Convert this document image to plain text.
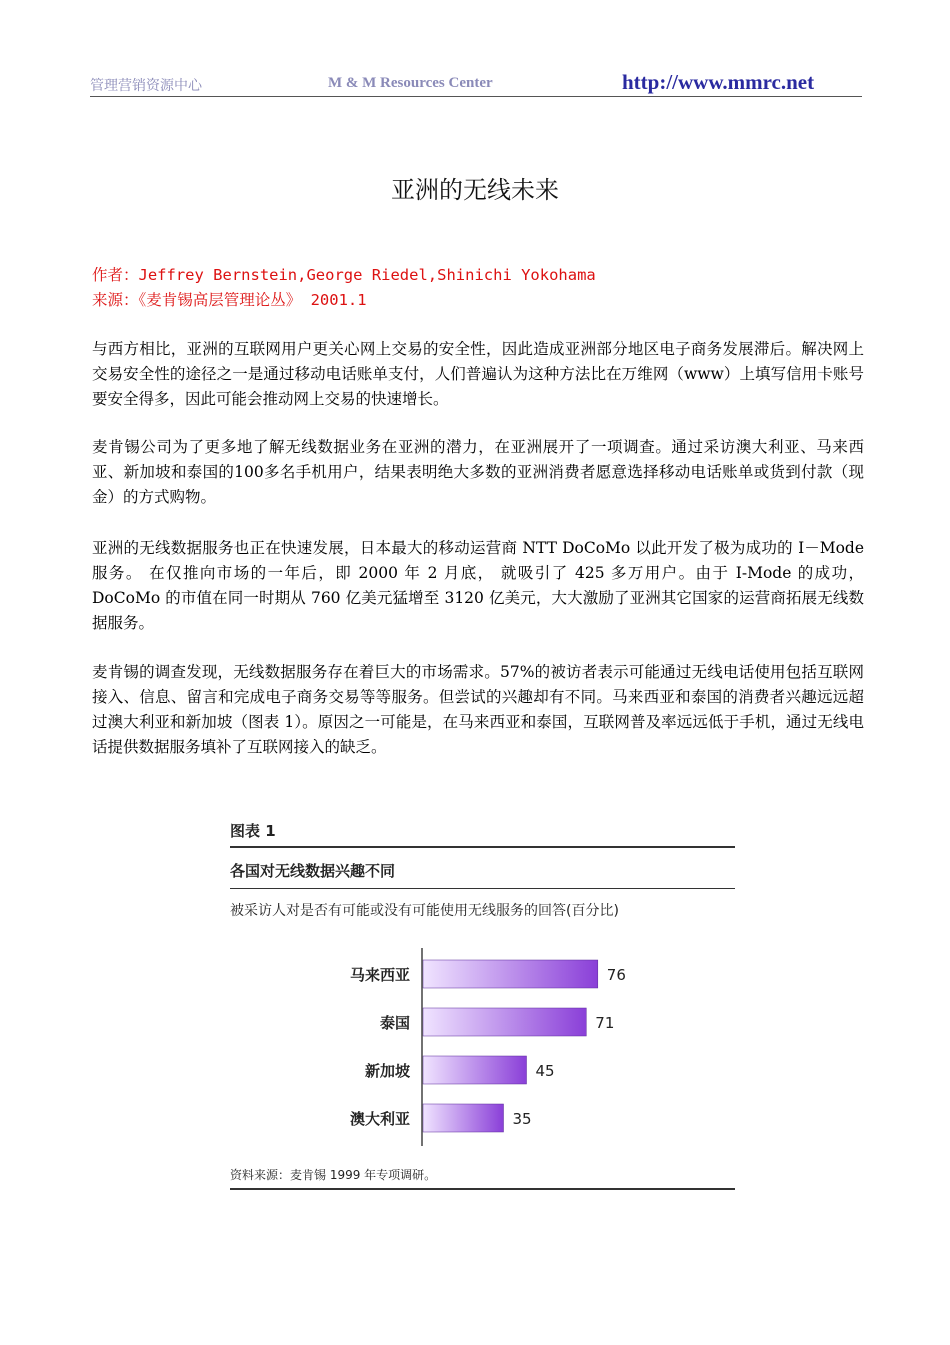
管理营销资源中心	M & M Resources Center	http://www.mmrc.net
亚洲的无线未来
作者：Jeffrey Bernstein,George Riedel,Shinichi Yokohama
来源：《麦肯锡高层管理论丛》 2001.1
与西方相比，亚洲的互联网用户更关心网上交易的安全性，因此造成亚洲部分地区电子商务发展滞后。解决网上交易安全性的途径之一是通过移动电话账单支付，人们普遍认为这种方法比在万维网（www）上填写信用卡账号要安全得多，因此可能会推动网上交易的快速增长。
麦肯锡公司为了更多地了解无线数据业务在亚洲的潜力，在亚洲展开了一项调查。通过采访澳大利亚、马来西亚、新加坡和泰国的100多名手机用户，结果表明绝大多数的亚洲消费者愿意选择移动电话账单或货到付款（现金）的方式购物。
亚洲的无线数据服务也正在快速发展，日本最大的移动运营商 NTT DoCoMo 以此开发了极为成功的 I－Mode 服务。 在仅推向市场的一年后，即 2000 年 2 月底， 就吸引了 425 多万用户。由于 I-Mode 的成功，DoCoMo 的市值在同一时期从 760 亿美元猛增至 3120 亿美元，大大激励了亚洲其它国家的运营商拓展无线数据服务。
麦肯锡的调查发现，无线数据服务存在着巨大的市场需求。57%的被访者表示可能通过无线电话使用包括互联网接入、信息、留言和完成电子商务交易等等服务。但尝试的兴趣却有不同。马来西亚和泰国的消费者兴趣远远超过澳大利亚和新加坡（图表 1）。原因之一可能是，在马来西亚和泰国，互联网普及率远远低于手机，通过无线电话提供数据服务填补了互联网接入的缺乏。
图表 1
各国对无线数据兴趣不同
被采访人对是否有可能或没有可能使用无线服务的回答(百分比)
马来西亚	76
泰国	71
新加坡	45
澳大利亚	35
资料来源：麦肯锡 1999 年专项调研。
